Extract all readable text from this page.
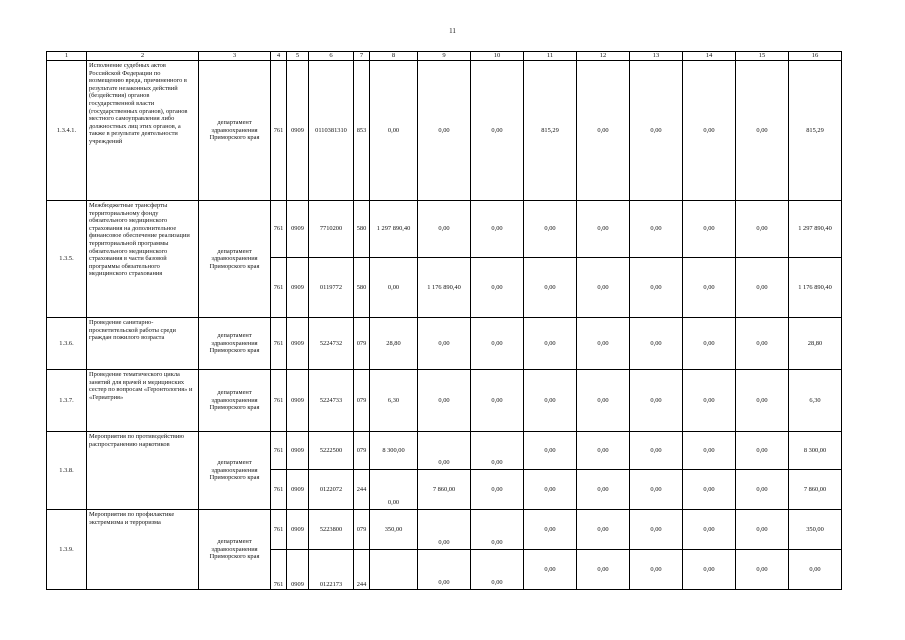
11
1	2	3	4	5	6	7	8	9	10	11	12	13	14	15	16
1.3.4.1.	Исполнение судебных актов Российской Федерации по возмещению вреда, причиненного в результате незаконных действий (бездействия) органов государственной власти (государственных органов), органов местного самоуправления либо должностных лиц этих органов, а также в результате деятельности учреждений	департамент здравоохранения Приморского края	761	0909	0110381310	853	0,00	0,00	0,00	815,29	0,00	0,00	0,00	0,00	815,29
1.3.5.	Межбюджетные трансферты территориальному фонду обязательного медицинского страхования на дополнительное финансовое обеспечение реализации территориальной программы обязательного медицинского страхования в части базовой программы обязательного медицинского страхования	департамент здравоохранения Приморского края	761	0909	7710200	580	1 297 890,40	0,00	0,00	0,00	0,00	0,00	0,00	0,00	1 297 890,40
			761	0909	0119772	580	0,00	1 176 890,40	0,00	0,00	0,00	0,00	0,00	0,00	1 176 890,40
1.3.6.	Проведение санитарно-просветительской работы среди граждан пожилого возраста	департамент здравоохранения Приморского края	761	0909	5224732	079	28,80	0,00	0,00	0,00	0,00	0,00	0,00	0,00	28,80
1.3.7.	Проведение тематического цикла занятий для врачей и медицинских сестер по вопросам «Геронтология» и «Гериатрия»	департамент здравоохранения Приморского края	761	0909	5224733	079	6,30	0,00	0,00	0,00	0,00	0,00	0,00	0,00	6,30
1.3.8.	Мероприятия по противодействию распространению наркотиков	департамент здравоохранения Приморского края	761	0909	5222500	079	8 300,00	0,00	0,00	0,00	0,00	0,00	0,00	0,00	8 300,00
			761	0909	0122072	244	0,00	7 860,00	0,00	0,00	0,00	0,00	0,00	0,00	7 860,00
1.3.9.	Мероприятия по профилактике экстремизма и терроризма	департамент здравоохранения Приморского края	761	0909	5223800	079	350,00	0,00	0,00	0,00	0,00	0,00	0,00	0,00	350,00
			761	0909	0122173	244		0,00	0,00	0,00	0,00	0,00	0,00	0,00	0,00
